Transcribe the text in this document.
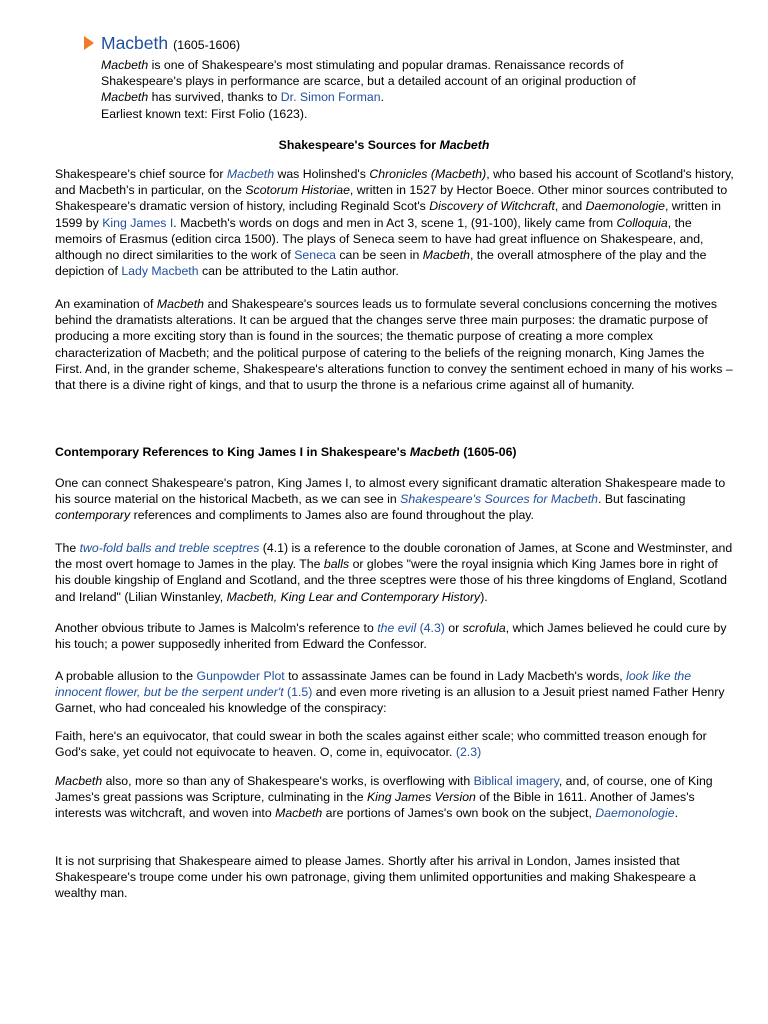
Macbeth (1605-1606)

Macbeth is one of Shakespeare's most stimulating and popular dramas. Renaissance records of Shakespeare's plays in performance are scarce, but a detailed account of an original production of Macbeth has survived, thanks to Dr. Simon Forman.

Earliest known text: First Folio (1623).

Shakespeare's Sources for Macbeth

Shakespeare's chief source for Macbeth was Holinshed's Chronicles (Macbeth), who based his account of Scotland's history, and Macbeth's in particular, on the Scotorum Historiae, written in 1527 by Hector Boece. Other minor sources contributed to Shakespeare's dramatic version of history, including Reginald Scot's Discovery of Witchcraft, and Daemonologie, written in 1599 by King James I. Macbeth's words on dogs and men in Act 3, scene 1, (91-100), likely came from Colloquia, the memoirs of Erasmus (edition circa 1500). The plays of Seneca seem to have had great influence on Shakespeare, and, although no direct similarities to the work of Seneca can be seen in Macbeth, the overall atmosphere of the play and the depiction of Lady Macbeth can be attributed to the Latin author.

An examination of Macbeth and Shakespeare's sources leads us to formulate several conclusions concerning the motives behind the dramatists alterations. It can be argued that the changes serve three main purposes: the dramatic purpose of producing a more exciting story than is found in the sources; the thematic purpose of creating a more complex characterization of Macbeth; and the political purpose of catering to the beliefs of the reigning monarch, King James the First. And, in the grander scheme, Shakespeare's alterations function to convey the sentiment echoed in many of his works – that there is a divine right of kings, and that to usurp the throne is a nefarious crime against all of humanity.

Contemporary References to King James I in Shakespeare's Macbeth (1605-06)

One can connect Shakespeare's patron, King James I, to almost every significant dramatic alteration Shakespeare made to his source material on the historical Macbeth, as we can see in Shakespeare's Sources for Macbeth. But fascinating contemporary references and compliments to James also are found throughout the play.

The two-fold balls and treble sceptres (4.1) is a reference to the double coronation of James, at Scone and Westminster, and the most overt homage to James in the play. The balls or globes "were the royal insignia which King James bore in right of his double kingship of England and Scotland, and the three sceptres were those of his three kingdoms of England, Scotland and Ireland" (Lilian Winstanley, Macbeth, King Lear and Contemporary History).

Another obvious tribute to James is Malcolm's reference to the evil (4.3) or scrofula, which James believed he could cure by his touch; a power supposedly inherited from Edward the Confessor.

A probable allusion to the Gunpowder Plot to assassinate James can be found in Lady Macbeth's words, look like the innocent flower, but be the serpent under't (1.5) and even more riveting is an allusion to a Jesuit priest named Father Henry Garnet, who had concealed his knowledge of the conspiracy:

Faith, here's an equivocator, that could swear in both the scales against either scale; who committed treason enough for God's sake, yet could not equivocate to heaven. O, come in, equivocator. (2.3)

Macbeth also, more so than any of Shakespeare's works, is overflowing with Biblical imagery, and, of course, one of King James's great passions was Scripture, culminating in the King James Version of the Bible in 1611. Another of James's interests was witchcraft, and woven into Macbeth are portions of James's own book on the subject, Daemonologie.

It is not surprising that Shakespeare aimed to please James. Shortly after his arrival in London, James insisted that Shakespeare's troupe come under his own patronage, giving them unlimited opportunities and making Shakespeare a wealthy man.
